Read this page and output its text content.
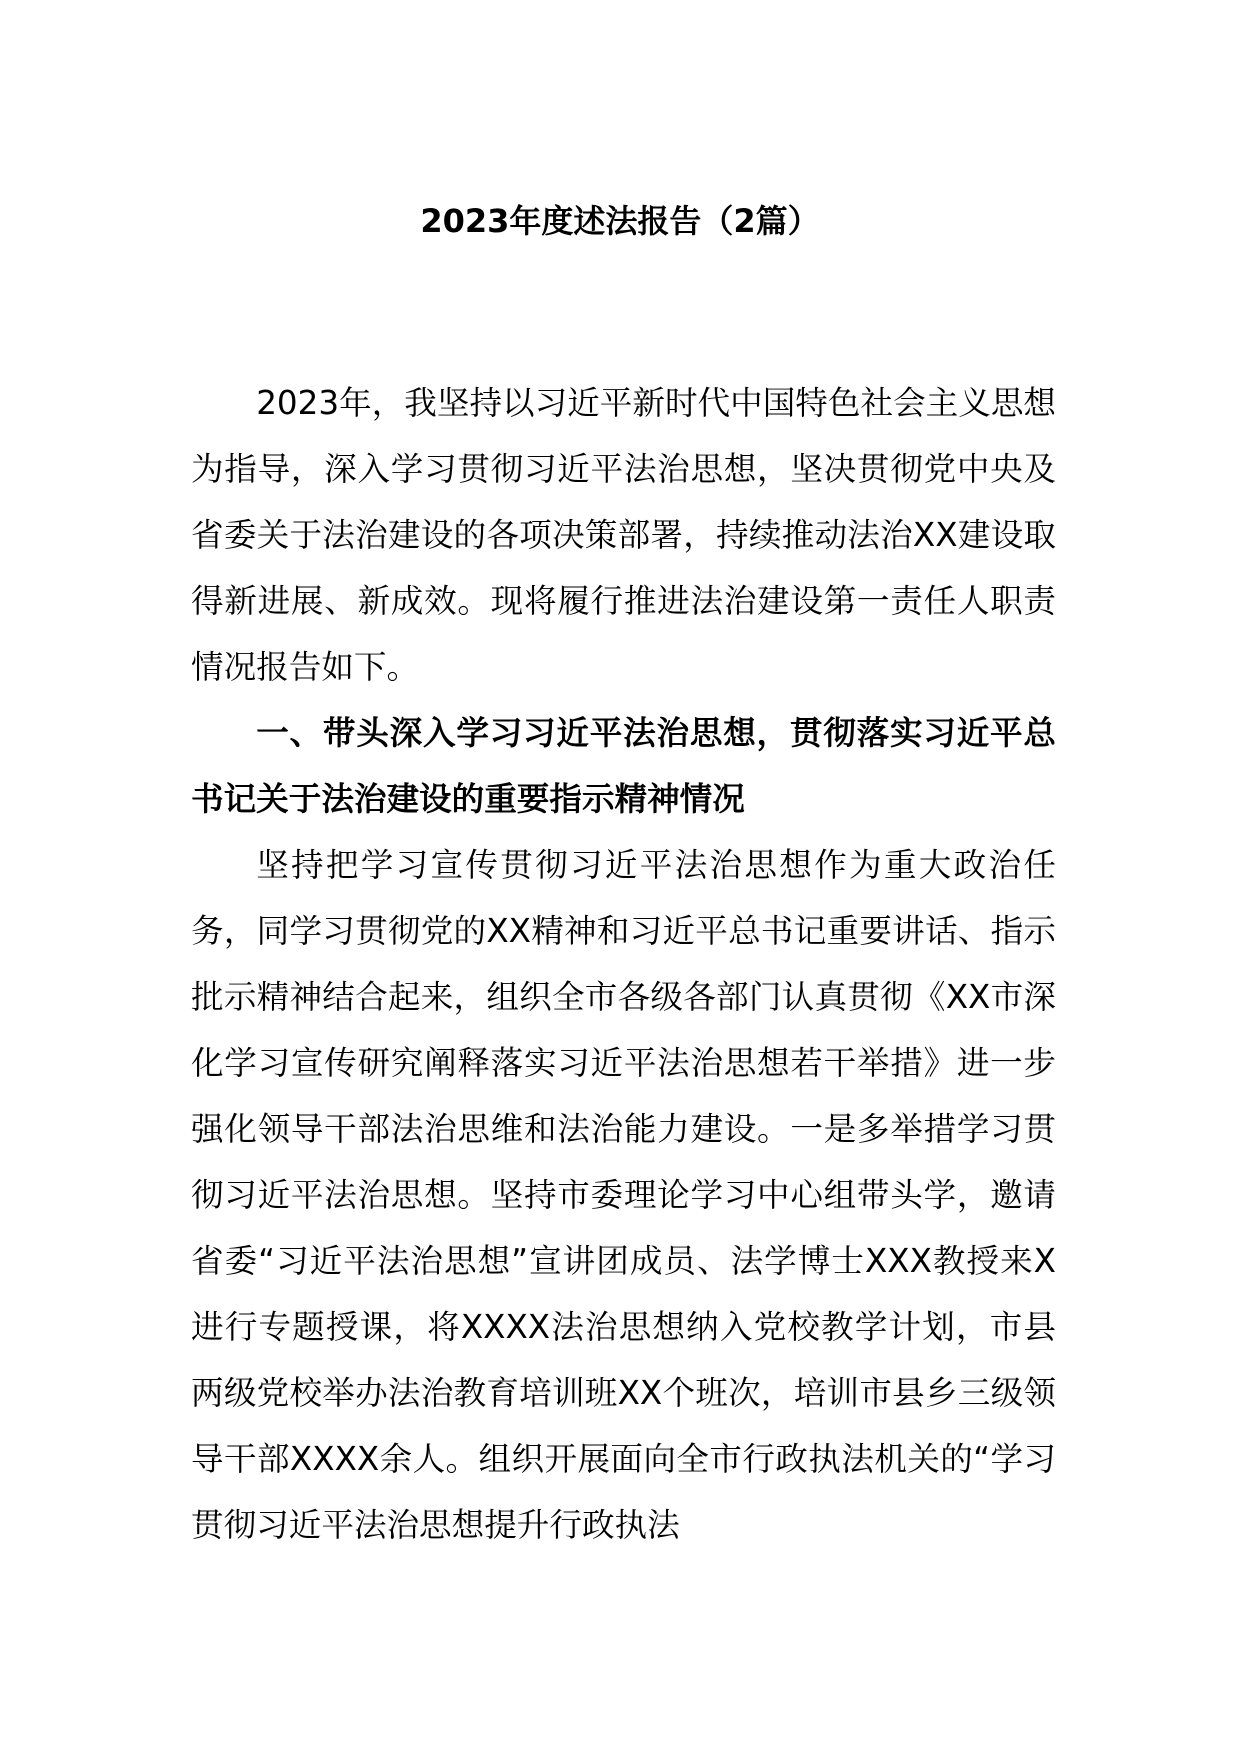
2023年度述法报告（2篇）

2023年，我坚持以习近平新时代中国特色社会主义思想为指导，深入学习贯彻习近平法治思想，坚决贯彻党中央及省委关于法治建设的各项决策部署，持续推动法治XX建设取得新进展、新成效。现将履行推进法治建设第一责任人职责情况报告如下。

一、带头深入学习习近平法治思想，贯彻落实习近平总书记关于法治建设的重要指示精神情况

坚持把学习宣传贯彻习近平法治思想作为重大政治任务，同学习贯彻党的XX精神和习近平总书记重要讲话、指示批示精神结合起来，组织全市各级各部门认真贯彻《XX市深化学习宣传研究阐释落实习近平法治思想若干举措》进一步强化领导干部法治思维和法治能力建设。一是多举措学习贯彻习近平法治思想。坚持市委理论学习中心组带头学，邀请省委“习近平法治思想”宣讲团成员、法学博士XXX教授来X进行专题授课，将XXXX法治思想纳入党校教学计划，市县两级党校举办法治教育培训班XX个班次，培训市县乡三级领导干部XXXX余人。组织开展面向全市行政执法机关的“学习贯彻习近平法治思想提升行政执法
